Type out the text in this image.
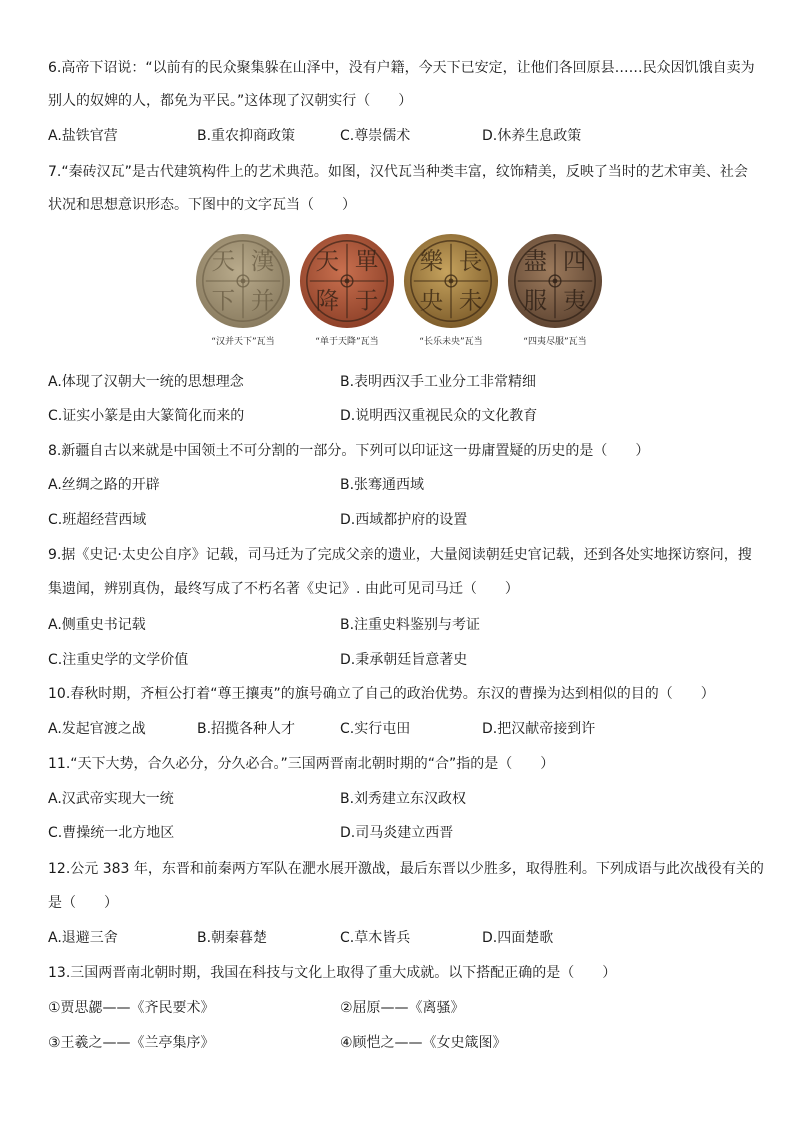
6.高帝下诏说：“以前有的民众聚集躲在山泽中，没有户籍，今天下已安定，让他们各回原县……民众因饥饿自卖为
别人的奴婢的人，都免为平民。”这体现了汉朝实行（　　）
A.盐铁官营	B.重农抑商政策	C.尊崇儒术	D.休养生息政策
7.“秦砖汉瓦”是古代建筑构件上的艺术典范。如图，汉代瓦当种类丰富，纹饰精美，反映了当时的艺术审美、社会
状况和思想意识形态。下图中的文字瓦当（　　）
天 漢
下 并
天 單
降 于
樂 長
央 未
盡 四
服 夷
“汉并天下”瓦当	“单于天降”瓦当	“长乐未央”瓦当	“四夷尽服”瓦当
A.体现了汉朝大一统的思想理念	B.表明西汉手工业分工非常精细
C.证实小篆是由大篆简化而来的	D.说明西汉重视民众的文化教育
8.新疆自古以来就是中国领土不可分割的一部分。下列可以印证这一毋庸置疑的历史的是（　　）
A.丝绸之路的开辟	B.张骞通西域
C.班超经营西域	D.西域都护府的设置
9.据《史记·太史公自序》记载，司马迁为了完成父亲的遗业，大量阅读朝廷史官记载，还到各处实地探访察问，搜
集遗闻，辨别真伪，最终写成了不朽名著《史记》. 由此可见司马迁（　　）
A.侧重史书记载	B.注重史料鉴别与考证
C.注重史学的文学价值	D.秉承朝廷旨意著史
10.春秋时期，齐桓公打着“尊王攘夷”的旗号确立了自己的政治优势。东汉的曹操为达到相似的目的（　　）
A.发起官渡之战	B.招揽各种人才	C.实行屯田	D.把汉献帝接到许
11.“天下大势，合久必分，分久必合。”三国两晋南北朝时期的“合”指的是（　　）
A.汉武帝实现大一统	B.刘秀建立东汉政权
C.曹操统一北方地区	D.司马炎建立西晋
12.公元 383 年，东晋和前秦两方军队在淝水展开激战，最后东晋以少胜多，取得胜利。下列成语与此次战役有关的
是（　　）
A.退避三舍	B.朝秦暮楚	C.草木皆兵	D.四面楚歌
13.三国两晋南北朝时期，我国在科技与文化上取得了重大成就。以下搭配正确的是（　　）
①贾思勰——《齐民要术》	②屈原——《离骚》
③王羲之——《兰亭集序》	④顾恺之——《女史箴图》
